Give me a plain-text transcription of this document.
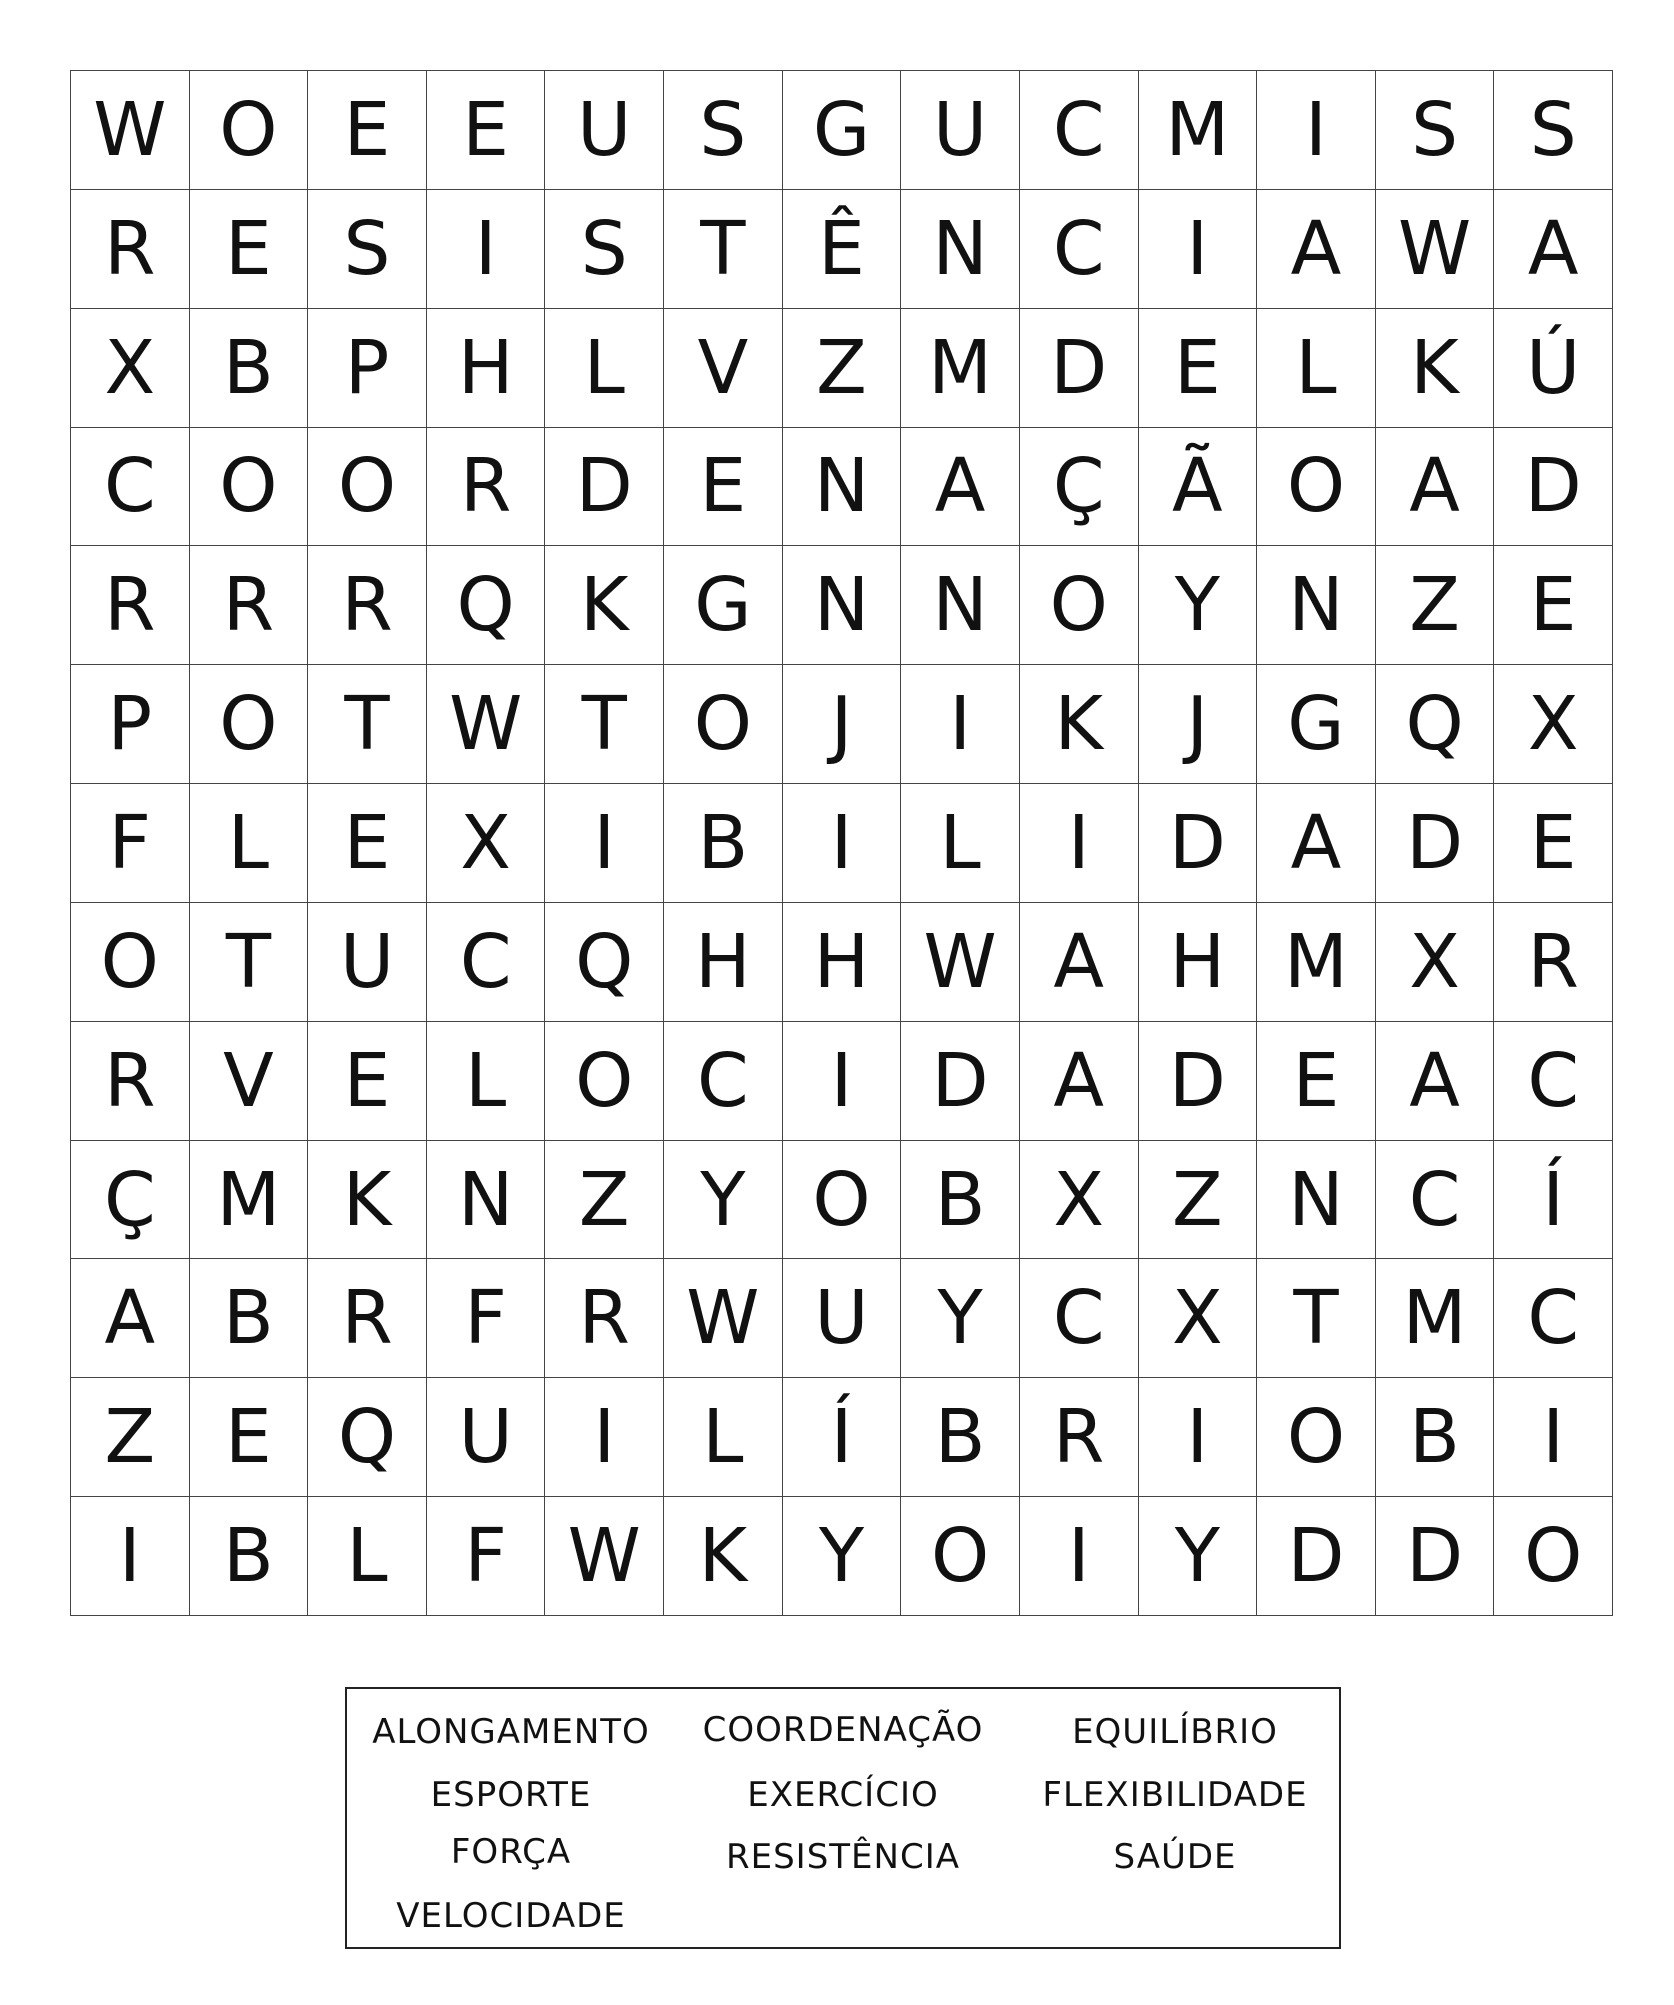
W O E E U S G U C M	I	S S
R E S	I	S T Ê N C	I	A W A
X B P H L V Z M D E	L K Ú
C O O R D E N A Ç Ã O A D
R R R Q K G N N O Y N Z E
P O T W T O	J	I	K	J	G Q X
F	L	E X	I	B	I	L	I	D A D E
O T U C Q H H W A H M X R
R V E	L O C	I	D A D E A C
Ç M K N Z Y O B X Z N C	Í
A B R F R W U Y C X T M C
Z E Q U	I	L	Í	B R	I	O B	I
I	B L	F W K Y O	I	Y D D O
ALONGAMENTO COORDENAÇÃO	EQUILÍBRIO
ESPORTE	EXERCÍCIO	FLEXIBILIDADE
FORÇA	RESISTÊNCIA	SAÚDE
VELOCIDADE
